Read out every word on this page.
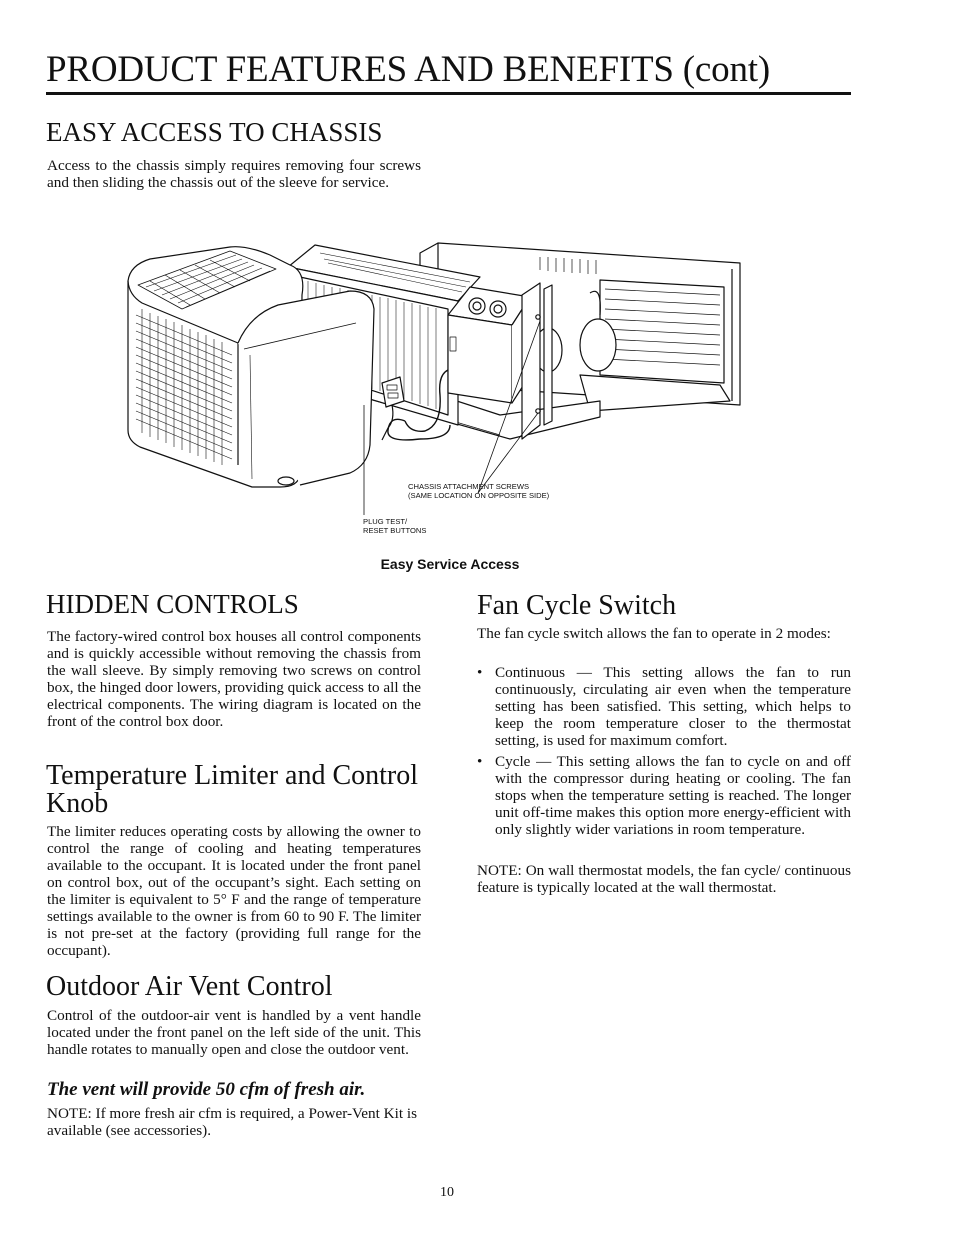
PRODUCT FEATURES AND BENEFITS (cont)
EASY ACCESS TO CHASSIS

Access to the chassis simply requires removing four screws and then sliding the chassis out of the sleeve for service.

CHASSIS ATTACHMENT SCREWS
(SAME LOCATION ON OPPOSITE SIDE)
PLUG TEST/
RESET BUTTONS
Easy Service Access
HIDDEN CONTROLS

The factory-wired control box houses all control components and is quickly accessible without removing the chassis from the wall sleeve. By simply removing two screws on control box, the hinged door lowers, providing quick access to all the electrical components. The wiring diagram is located on the front of the control box door.

Temperature Limiter and Control Knob

The limiter reduces operating costs by allowing the owner to control the range of cooling and heating temperatures available to the occupant. It is located under the front panel on control box, out of the occupant’s sight. Each setting on the limiter is equivalent to 5° F and the range of temperature settings available to the owner is from 60 to 90 F. The limiter is not pre-set at the factory (providing full range for the occupant).

Outdoor Air Vent Control

Control of the outdoor-air vent is handled by a vent handle located under the front panel on the left side of the unit. This handle rotates to manually open and close the outdoor vent.

The vent will provide 50 cfm of fresh air.

NOTE: If more fresh air cfm is required, a Power-Vent Kit is available (see accessories).

Fan Cycle Switch

The fan cycle switch allows the fan to operate in 2 modes:

• Continuous — This setting allows the fan to run continuously, circulating air even when the temperature setting has been satisfied. This setting, which helps to keep the room temperature closer to the thermostat setting, is used for maximum comfort.
• Cycle — This setting allows the fan to cycle on and off with the compressor during heating or cooling. The fan stops when the temperature setting is reached. The longer unit off-time makes this option more energy-efficient with only slightly wider variations in room temperature.

NOTE: On wall thermostat models, the fan cycle/ continuous feature is typically located at the wall thermostat.

10
